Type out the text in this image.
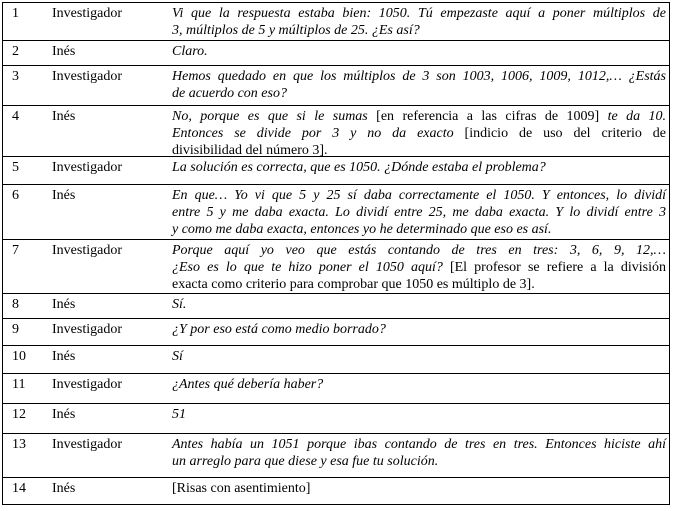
1 Investigador	Vi que la respuesta estaba bien: 1050. Tú empezaste aquí a poner múltiplos de
3, múltiplos de 5 y múltiplos de 25. ¿Es así?
2 Inés	Claro.
3 Investigador	Hemos quedado en que los múltiplos de 3 son 1003, 1006, 1009, 1012,… ¿Estás
de acuerdo con eso?
4 Inés	No, porque es que si le sumas [en referencia a las cifras de 1009] te da 10.
Entonces se divide por 3 y no da exacto [indicio de uso del criterio de
divisibilidad del número 3].
5 Investigador	La solución es correcta, que es 1050. ¿Dónde estaba el problema?
6 Inés	En que… Yo vi que 5 y 25 sí daba correctamente el 1050. Y entonces, lo dividí
entre 5 y me daba exacta. Lo dividí entre 25, me daba exacta. Y lo dividí entre 3
y como me daba exacta, entonces yo he determinado que eso es así.
7 Investigador	Porque aquí yo veo que estás contando de tres en tres: 3, 6, 9, 12,…
¿Eso es lo que te hizo poner el 1050 aquí? [El profesor se refiere a la división
exacta como criterio para comprobar que 1050 es múltiplo de 3].
8 Inés	Sí.
9 Investigador	¿Y por eso está como medio borrado?
10 Inés	Sí
11 Investigador	¿Antes qué debería haber?
12 Inés	51
13 Investigador	Antes había un 1051 porque ibas contando de tres en tres. Entonces hiciste ahí
un arreglo para que diese y esa fue tu solución.
14 Inés	[Risas con asentimiento]
